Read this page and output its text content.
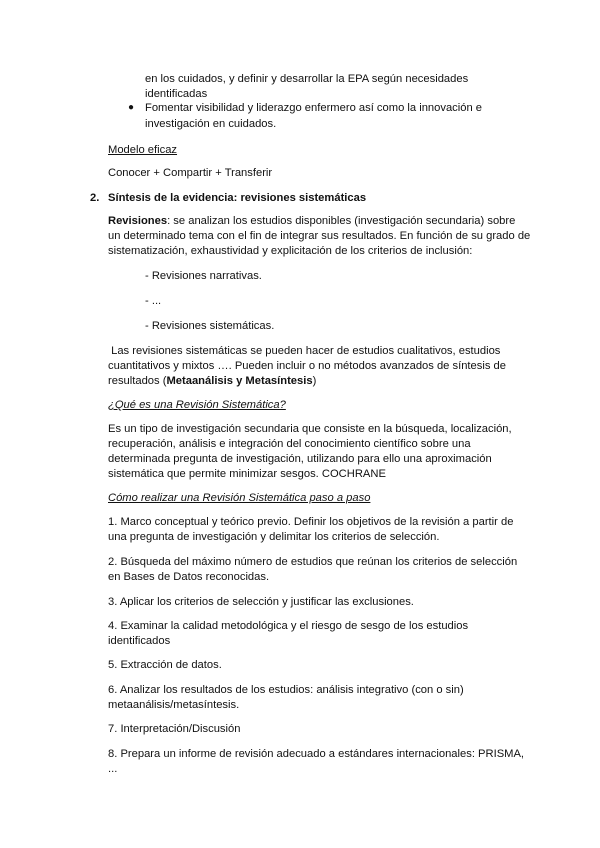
en los cuidados, y definir y desarrollar la EPA según necesidades
identificadas
● Fomentar visibilidad y liderazgo enfermero así como la innovación e
investigación en cuidados.
Modelo eficaz
Conocer + Compartir + Transferir
2. Síntesis de la evidencia: revisiones sistemáticas
Revisiones: se analizan los estudios disponibles (investigación secundaria) sobre
un determinado tema con el fin de integrar sus resultados. En función de su grado de
sistematización, exhaustividad y explicitación de los criterios de inclusión:
- Revisiones narrativas.
- ...
- Revisiones sistemáticas.
Las revisiones sistemáticas se pueden hacer de estudios cualitativos, estudios
cuantitativos y mixtos …. Pueden incluir o no métodos avanzados de síntesis de
resultados (Metaanálisis y Metasíntesis)
¿Qué es una Revisión Sistemática?
Es un tipo de investigación secundaria que consiste en la búsqueda, localización,
recuperación, análisis e integración del conocimiento científico sobre una
determinada pregunta de investigación, utilizando para ello una aproximación
sistemática que permite minimizar sesgos. COCHRANE
Cómo realizar una Revisión Sistemática paso a paso
1. Marco conceptual y teórico previo. Definir los objetivos de la revisión a partir de
una pregunta de investigación y delimitar los criterios de selección.
2. Búsqueda del máximo número de estudios que reúnan los criterios de selección
en Bases de Datos reconocidas.
3. Aplicar los criterios de selección y justificar las exclusiones.
4. Examinar la calidad metodológica y el riesgo de sesgo de los estudios
identificados
5. Extracción de datos.
6. Analizar los resultados de los estudios: análisis integrativo (con o sin)
metaanálisis/metasíntesis.
7. Interpretación/Discusión
8. Prepara un informe de revisión adecuado a estándares internacionales: PRISMA,
...
